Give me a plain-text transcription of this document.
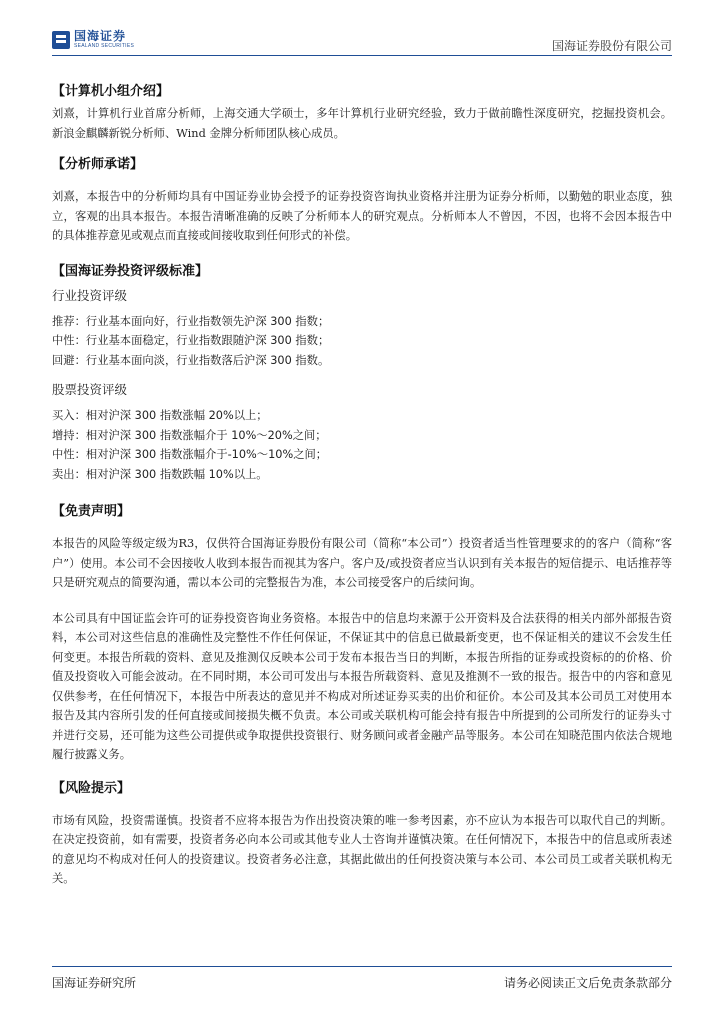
国海证券
SEALAND SECURITIES	国海证券股份有限公司

【计算机小组介绍】

刘熹，计算机行业首席分析师，上海交通大学硕士，多年计算机行业研究经验，致力于做前瞻性深度研究，挖掘投资机会。新浪金麒麟新锐分析师、Wind 金牌分析师团队核心成员。

【分析师承诺】

刘熹，本报告中的分析师均具有中国证券业协会授予的证券投资咨询执业资格并注册为证券分析师，以勤勉的职业态度，独立，客观的出具本报告。本报告清晰准确的反映了分析师本人的研究观点。分析师本人不曾因，不因，也将不会因本报告中的具体推荐意见或观点而直接或间接收取到任何形式的补偿。

【国海证券投资评级标准】

行业投资评级

推荐：行业基本面向好，行业指数领先沪深 300 指数；

中性：行业基本面稳定，行业指数跟随沪深 300 指数；

回避：行业基本面向淡，行业指数落后沪深 300 指数。

股票投资评级

买入：相对沪深 300 指数涨幅 20%以上；

增持：相对沪深 300 指数涨幅介于 10%～20%之间；

中性：相对沪深 300 指数涨幅介于-10%～10%之间；

卖出：相对沪深 300 指数跌幅 10%以上。

【免责声明】

本报告的风险等级定级为R3，仅供符合国海证券股份有限公司（简称“本公司”）投资者适当性管理要求的的客户（简称“客户”）使用。本公司不会因接收人收到本报告而视其为客户。客户及/或投资者应当认识到有关本报告的短信提示、电话推荐等只是研究观点的简要沟通，需以本公司的完整报告为准，本公司接受客户的后续问询。

本公司具有中国证监会许可的证券投资咨询业务资格。本报告中的信息均来源于公开资料及合法获得的相关内部外部报告资料，本公司对这些信息的准确性及完整性不作任何保证，不保证其中的信息已做最新变更，也不保证相关的建议不会发生任何变更。本报告所载的资料、意见及推测仅反映本公司于发布本报告当日的判断，本报告所指的证券或投资标的的价格、价值及投资收入可能会波动。在不同时期，本公司可发出与本报告所载资料、意见及推测不一致的报告。报告中的内容和意见仅供参考，在任何情况下，本报告中所表达的意见并不构成对所述证券买卖的出价和征价。本公司及其本公司员工对使用本报告及其内容所引发的任何直接或间接损失概不负责。本公司或关联机构可能会持有报告中所提到的公司所发行的证券头寸并进行交易，还可能为这些公司提供或争取提供投资银行、财务顾问或者金融产品等服务。本公司在知晓范围内依法合规地履行披露义务。

【风险提示】

市场有风险，投资需谨慎。投资者不应将本报告为作出投资决策的唯一参考因素，亦不应认为本报告可以取代自己的判断。在决定投资前，如有需要，投资者务必向本公司或其他专业人士咨询并谨慎决策。在任何情况下，本报告中的信息或所表述的意见均不构成对任何人的投资建议。投资者务必注意，其据此做出的任何投资决策与本公司、本公司员工或者关联机构无关。

国海证券研究所	请务必阅读正文后免责条款部分
